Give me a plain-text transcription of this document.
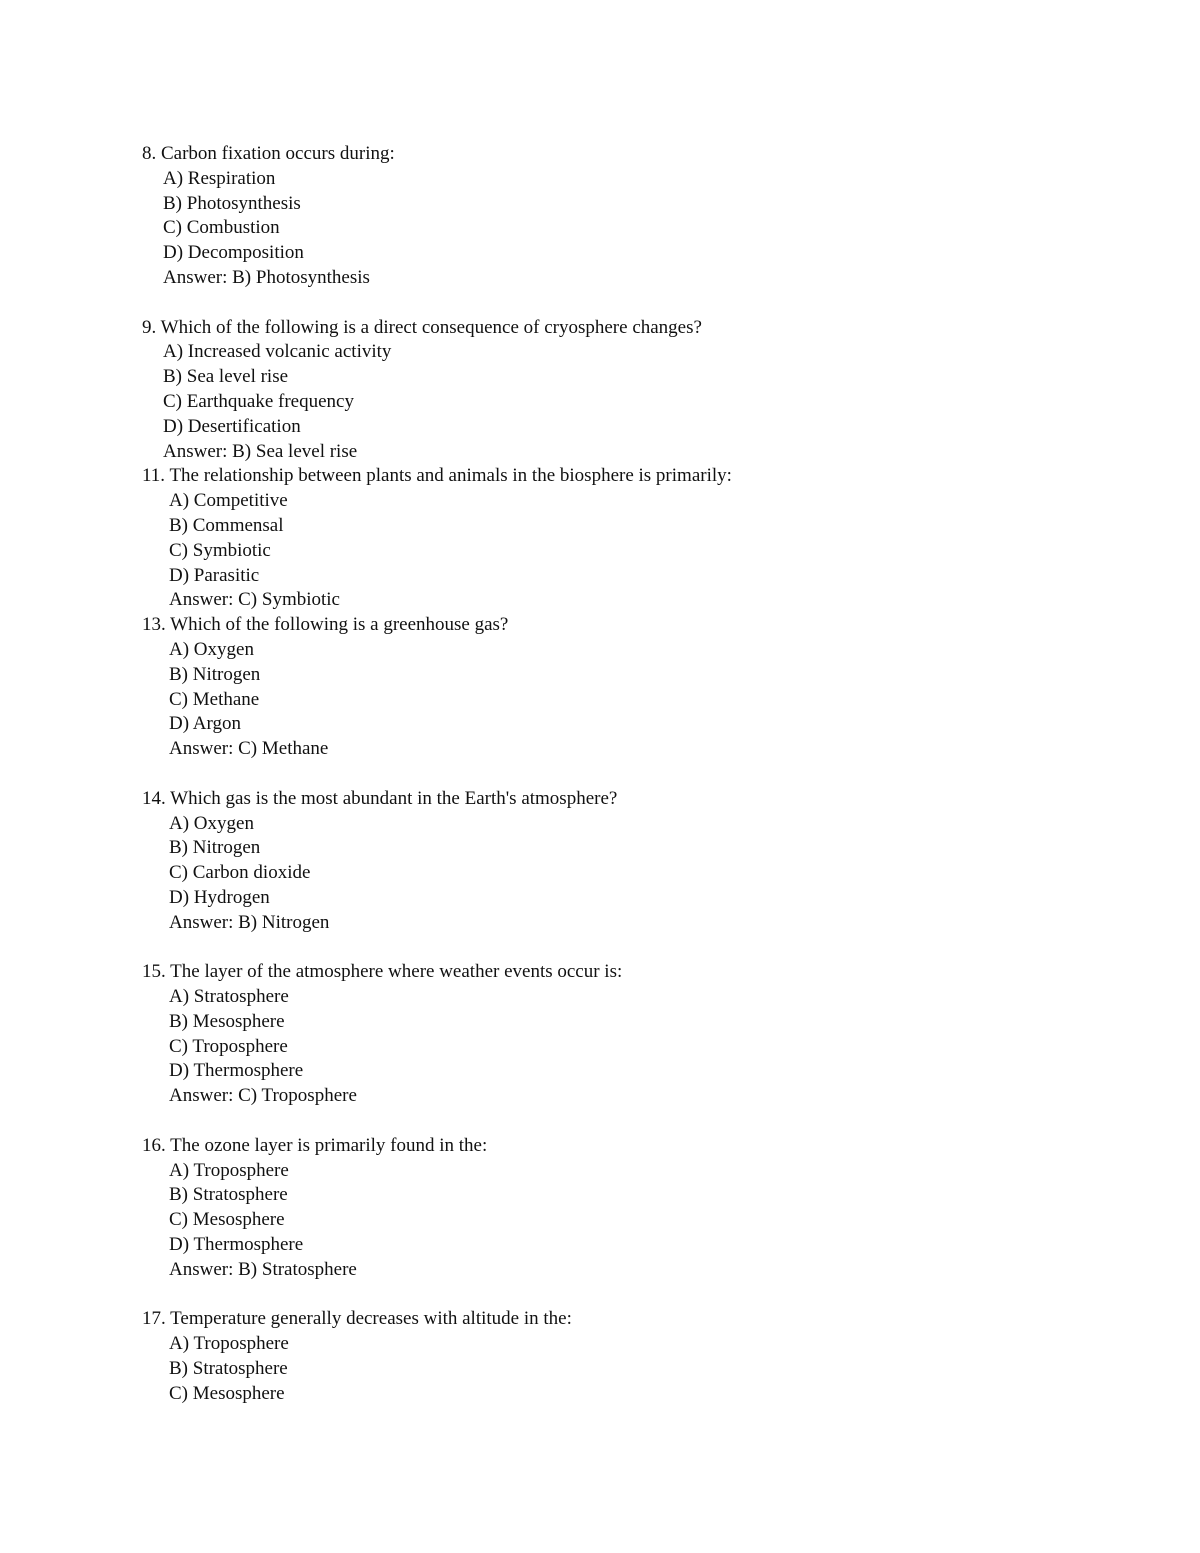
8. Carbon fixation occurs during:
A) Respiration
B) Photosynthesis
C) Combustion
D) Decomposition
Answer: B) Photosynthesis
9. Which of the following is a direct consequence of cryosphere changes?
A) Increased volcanic activity
B) Sea level rise
C) Earthquake frequency
D) Desertification
Answer: B) Sea level rise
11. The relationship between plants and animals in the biosphere is primarily:
A) Competitive
B) Commensal
C) Symbiotic
D) Parasitic
Answer: C) Symbiotic
13. Which of the following is a greenhouse gas?
A) Oxygen
B) Nitrogen
C) Methane
D) Argon
Answer: C) Methane
14. Which gas is the most abundant in the Earth's atmosphere?
A) Oxygen
B) Nitrogen
C) Carbon dioxide
D) Hydrogen
Answer: B) Nitrogen
15. The layer of the atmosphere where weather events occur is:
A) Stratosphere
B) Mesosphere
C) Troposphere
D) Thermosphere
Answer: C) Troposphere
16. The ozone layer is primarily found in the:
A) Troposphere
B) Stratosphere
C) Mesosphere
D) Thermosphere
Answer: B) Stratosphere
17. Temperature generally decreases with altitude in the:
A) Troposphere
B) Stratosphere
C) Mesosphere
